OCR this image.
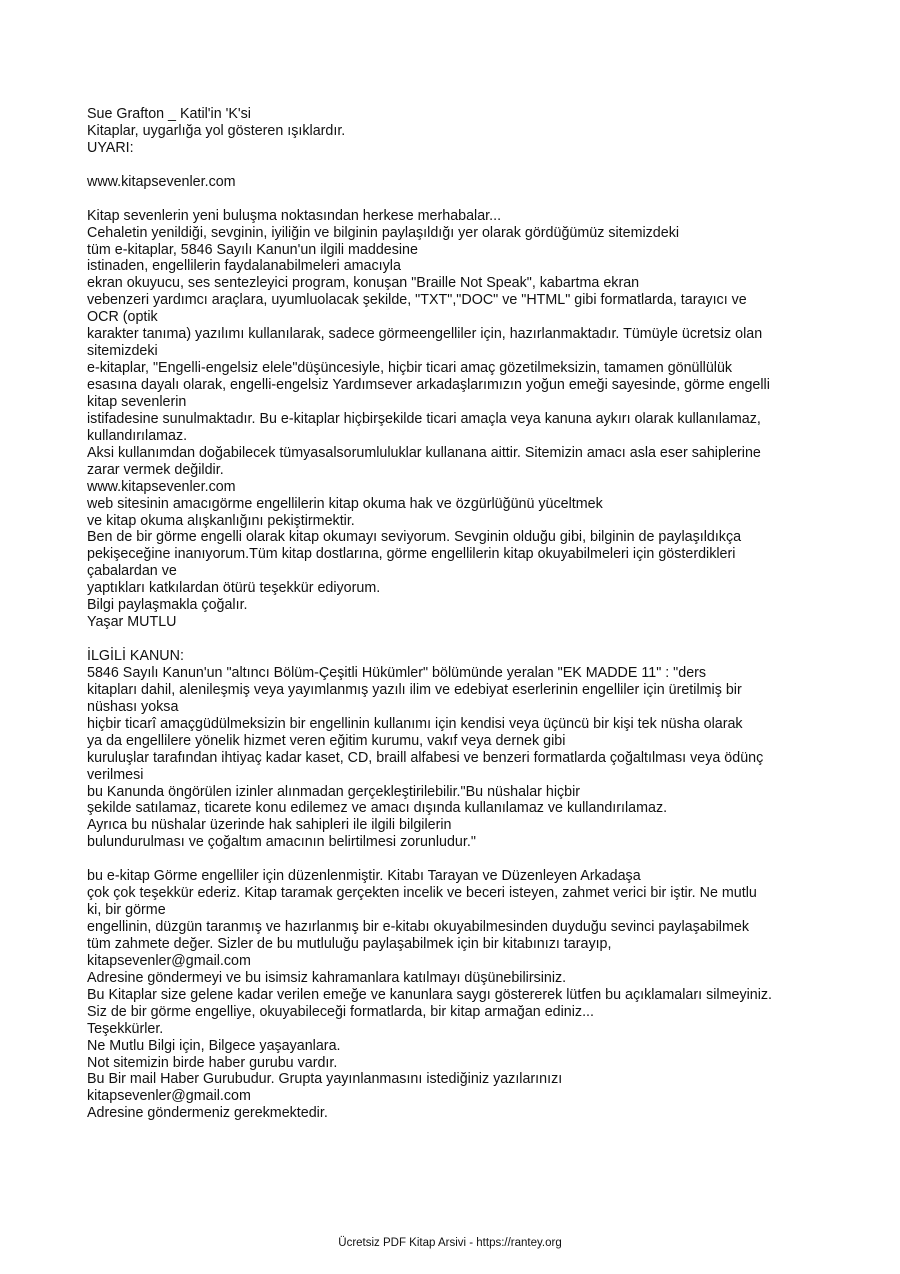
Sue Grafton _ Katil'in 'K'si
Kitaplar, uygarlığa yol gösteren ışıklardır.
UYARI:
www.kitapsevenler.com
Kitap sevenlerin yeni buluşma noktasından herkese merhabalar...
Cehaletin yenildiği, sevginin, iyiliğin ve bilginin paylaşıldığı yer olarak gördüğümüz sitemizdeki
tüm e-kitaplar, 5846 Sayılı Kanun'un ilgili maddesine
istinaden, engellilerin faydalanabilmeleri amacıyla
ekran okuyucu, ses sentezleyici program, konuşan "Braille Not Speak", kabartma ekran
vebenzeri yardımcı araçlara, uyumluolacak şekilde, "TXT","DOC" ve "HTML" gibi formatlarda, tarayıcı ve
OCR (optik
karakter tanıma) yazılımı kullanılarak, sadece görmeengelliler için, hazırlanmaktadır. Tümüyle ücretsiz olan
sitemizdeki
e-kitaplar, "Engelli-engelsiz elele"düşüncesiyle, hiçbir ticari amaç gözetilmeksizin, tamamen gönüllülük
esasına dayalı olarak, engelli-engelsiz Yardımsever arkadaşlarımızın yoğun emeği sayesinde, görme engelli
kitap sevenlerin
istifadesine sunulmaktadır. Bu e-kitaplar hiçbirşekilde ticari amaçla veya kanuna aykırı olarak kullanılamaz,
kullandırılamaz.
Aksi kullanımdan doğabilecek tümyasalsorumluluklar kullanana aittir. Sitemizin amacı asla eser sahiplerine
zarar vermek değildir.
www.kitapsevenler.com
web sitesinin amacıgörme engellilerin kitap okuma hak ve özgürlüğünü yüceltmek
ve kitap okuma alışkanlığını pekiştirmektir.
Ben de bir görme engelli olarak kitap okumayı seviyorum. Sevginin olduğu gibi, bilginin de paylaşıldıkça
pekişeceğine inanıyorum.Tüm kitap dostlarına, görme engellilerin kitap okuyabilmeleri için gösterdikleri
çabalardan ve
yaptıkları katkılardan ötürü teşekkür ediyorum.
Bilgi paylaşmakla çoğalır.
Yaşar MUTLU
İLGİLİ KANUN:
5846 Sayılı Kanun'un "altıncı Bölüm-Çeşitli Hükümler" bölümünde yeralan "EK MADDE 11" : "ders
kitapları dahil, alenileşmiş veya yayımlanmış yazılı ilim ve edebiyat eserlerinin engelliler için üretilmiş bir
nüshası yoksa
hiçbir ticarî amaçgüdülmeksizin bir engellinin kullanımı için kendisi veya üçüncü bir kişi tek nüsha olarak
ya da engellilere yönelik hizmet veren eğitim kurumu, vakıf veya dernek gibi
kuruluşlar tarafından ihtiyaç kadar kaset, CD, braill alfabesi ve benzeri formatlarda çoğaltılması veya ödünç
verilmesi
bu Kanunda öngörülen izinler alınmadan gerçekleştirilebilir."Bu nüshalar hiçbir
şekilde satılamaz, ticarete konu edilemez ve amacı dışında kullanılamaz ve kullandırılamaz.
Ayrıca bu nüshalar üzerinde hak sahipleri ile ilgili bilgilerin
bulundurulması ve çoğaltım amacının belirtilmesi zorunludur."
bu e-kitap Görme engelliler için düzenlenmiştir. Kitabı Tarayan ve Düzenleyen Arkadaşa
çok çok teşekkür ederiz. Kitap taramak gerçekten incelik ve beceri isteyen, zahmet verici bir iştir. Ne mutlu
ki, bir görme
engellinin, düzgün taranmış ve hazırlanmış bir e-kitabı okuyabilmesinden duyduğu sevinci paylaşabilmek
tüm zahmete değer. Sizler de bu mutluluğu paylaşabilmek için bir kitabınızı tarayıp,
kitapsevenler@gmail.com
Adresine göndermeyi ve bu isimsiz kahramanlara katılmayı düşünebilirsiniz.
Bu Kitaplar size gelene kadar verilen emeğe ve kanunlara saygı göstererek lütfen bu açıklamaları silmeyiniz.
Siz de bir görme engelliye, okuyabileceği formatlarda, bir kitap armağan ediniz...
Teşekkürler.
Ne Mutlu Bilgi için, Bilgece yaşayanlara.
Not sitemizin birde haber gurubu vardır.
Bu Bir mail Haber Gurubudur. Grupta yayınlanmasını istediğiniz yazılarınızı
kitapsevenler@gmail.com
Adresine göndermeniz gerekmektedir.
Ücretsiz PDF Kitap Arsivi - https://rantey.org
